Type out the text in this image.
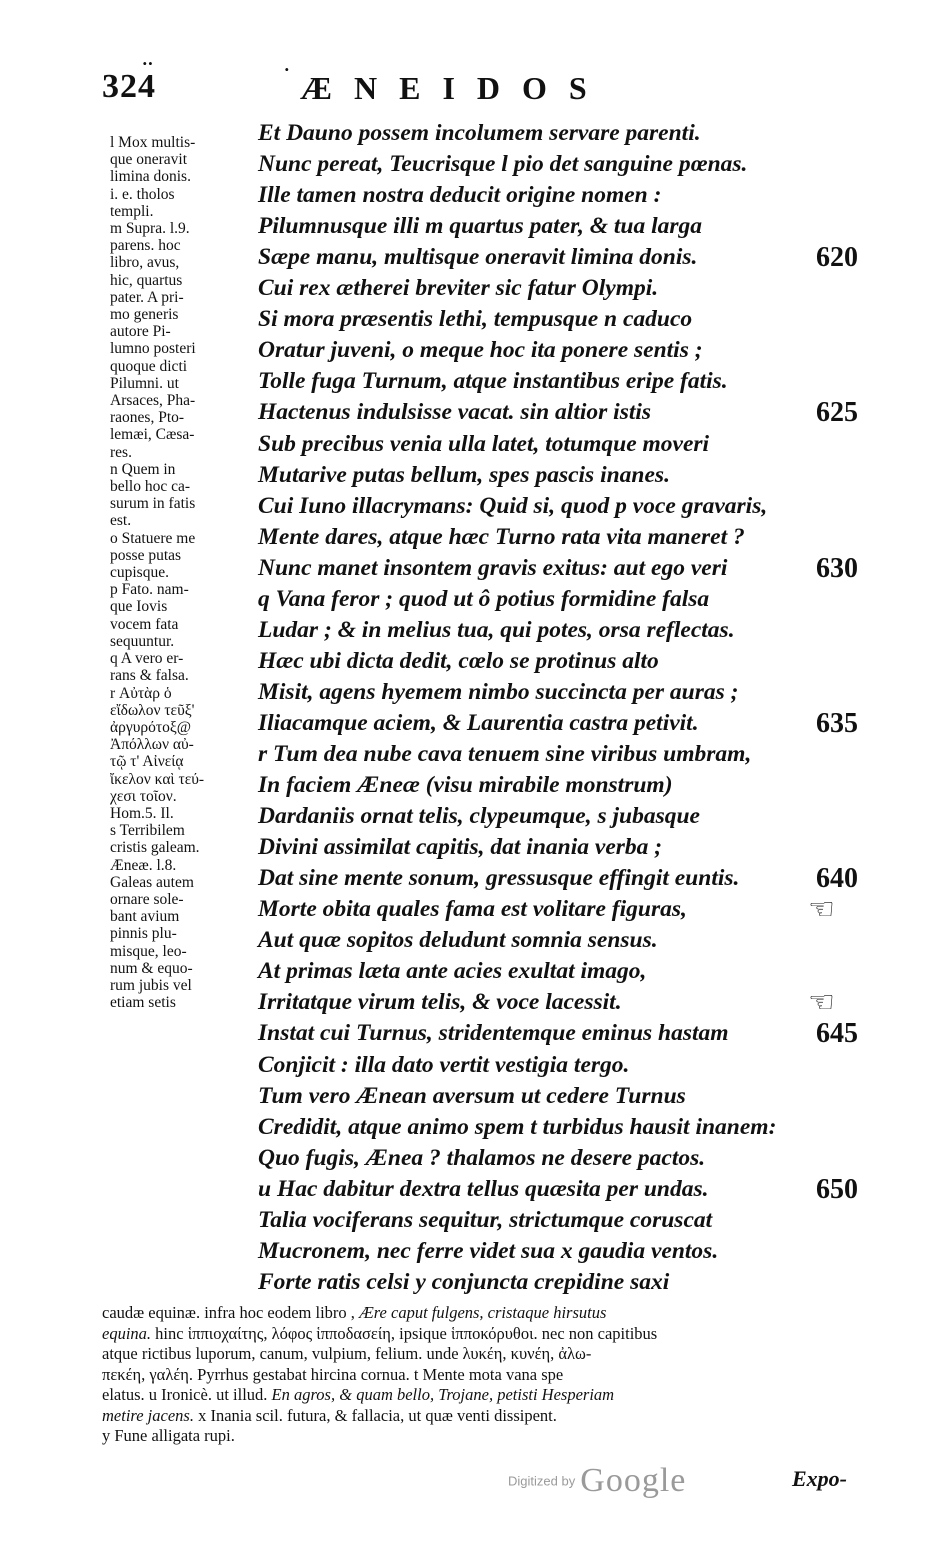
..	.
324	ÆNEIDOS

l Mox multis-

que oneravit

limina donis.

i. e. tholos

templi.

m Supra. l.9.

parens. hoc

libro, avus,

hic, quartus

pater. A pri-

mo generis

autore Pi-

lumno posteri

quoque dicti

Pilumni. ut

Arsaces, Pha-

raones, Pto-

lemæi, Cæsa-

res.

n Quem in

bello hoc ca-

surum in fatis

est.

o Statuere me

posse putas

cupisque.

p Fato. nam-

que Iovis

vocem fata

sequuntur.

q A vero er-

rans & falsa.

r Αὐτὰρ ὁ

εἴδωλον τεῦξ'

ἀργυρότοξ@

Ἀπόλλων αὐ-

τῷ τ' Αἰνείᾳ

ἴκελον καὶ τεύ-

χεσι τοῖον.

Hom.5. Il.

s Terribilem

cristis galeam.

Æneæ. l.8.

Galeas autem

ornare sole-

bant avium

pinnis plu-

misque, leo-

num & equo-

rum jubis vel

etiam setis

Et Dauno possem incolumem servare parenti.
Nunc pereat, Teucrisque l pio det sanguine pœnas.
Ille tamen nostra deducit origine nomen :
Pilumnusque illi m quartus pater, & tua larga
Sæpe manu, multisque oneravit limina donis.	620
Cui rex ætherei breviter sic fatur Olympi.
Si mora præsentis lethi, tempusque n caduco
Oratur juveni, o meque hoc ita ponere sentis ;
Tolle fuga Turnum, atque instantibus eripe fatis.
Hactenus indulsisse vacat. sin altior istis	625
Sub precibus venia ulla latet, totumque moveri
Mutarive putas bellum, spes pascis inanes.
Cui Iuno illacrymans: Quid si, quod p voce gravaris,
Mente dares, atque hæc Turno rata vita maneret ?
Nunc manet insontem gravis exitus: aut ego veri	630
q Vana feror ; quod ut ô potius formidine falsa
Ludar ; & in melius tua, qui potes, orsa reflectas.
Hæc ubi dicta dedit, cœlo se protinus alto
Misit, agens hyemem nimbo succincta per auras ;
Iliacamque aciem, & Laurentia castra petivit.	635
r Tum dea nube cava tenuem sine viribus umbram,
In faciem Æneæ (visu mirabile monstrum)
Dardaniis ornat telis, clypeumque, s jubasque
Divini assimilat capitis, dat inania verba ;
Dat sine mente sonum, gressusque effingit euntis.	640
Morte obita quales fama est volitare figuras,	☜
Aut quæ sopitos deludunt somnia sensus.
At primas læta ante acies exultat imago,
Irritatque virum telis, & voce lacessit.	☜
Instat cui Turnus, stridentemque eminus hastam	645
Conjicit : illa dato vertit vestigia tergo.
Tum vero Ænean aversum ut cedere Turnus
Credidit, atque animo spem t turbidus hausit inanem:
Quo fugis, Ænea ? thalamos ne desere pactos.
u Hac dabitur dextra tellus quæsita per undas.	650
Talia vociferans sequitur, strictumque coruscat
Mucronem, nec ferre videt sua x gaudia ventos.
Forte ratis celsi y conjuncta crepidine saxi

caudæ equinæ. infra hoc eodem libro , Ære caput fulgens, cristaque hirsutus

equina. hinc ἱππιοχαίτης, λόφος ἱπποδασείη, ipsique ἱπποκόρυθοι. nec non capitibus

atque rictibus luporum, canum, vulpium, felium. unde λυκέη, κυνέη, ἀλω-

πεκέη, γαλέη. Pyrrhus gestabat hircina cornua. t Mente mota vana spe

elatus. u Ironicè. ut illud. En agros, & quam bello, Trojane, petisti Hesperiam

metire jacens. x Inania scil. futura, & fallacia, ut quæ venti dissipent.

y Fune alligata rupi.

Digitized by Google	Expo-
